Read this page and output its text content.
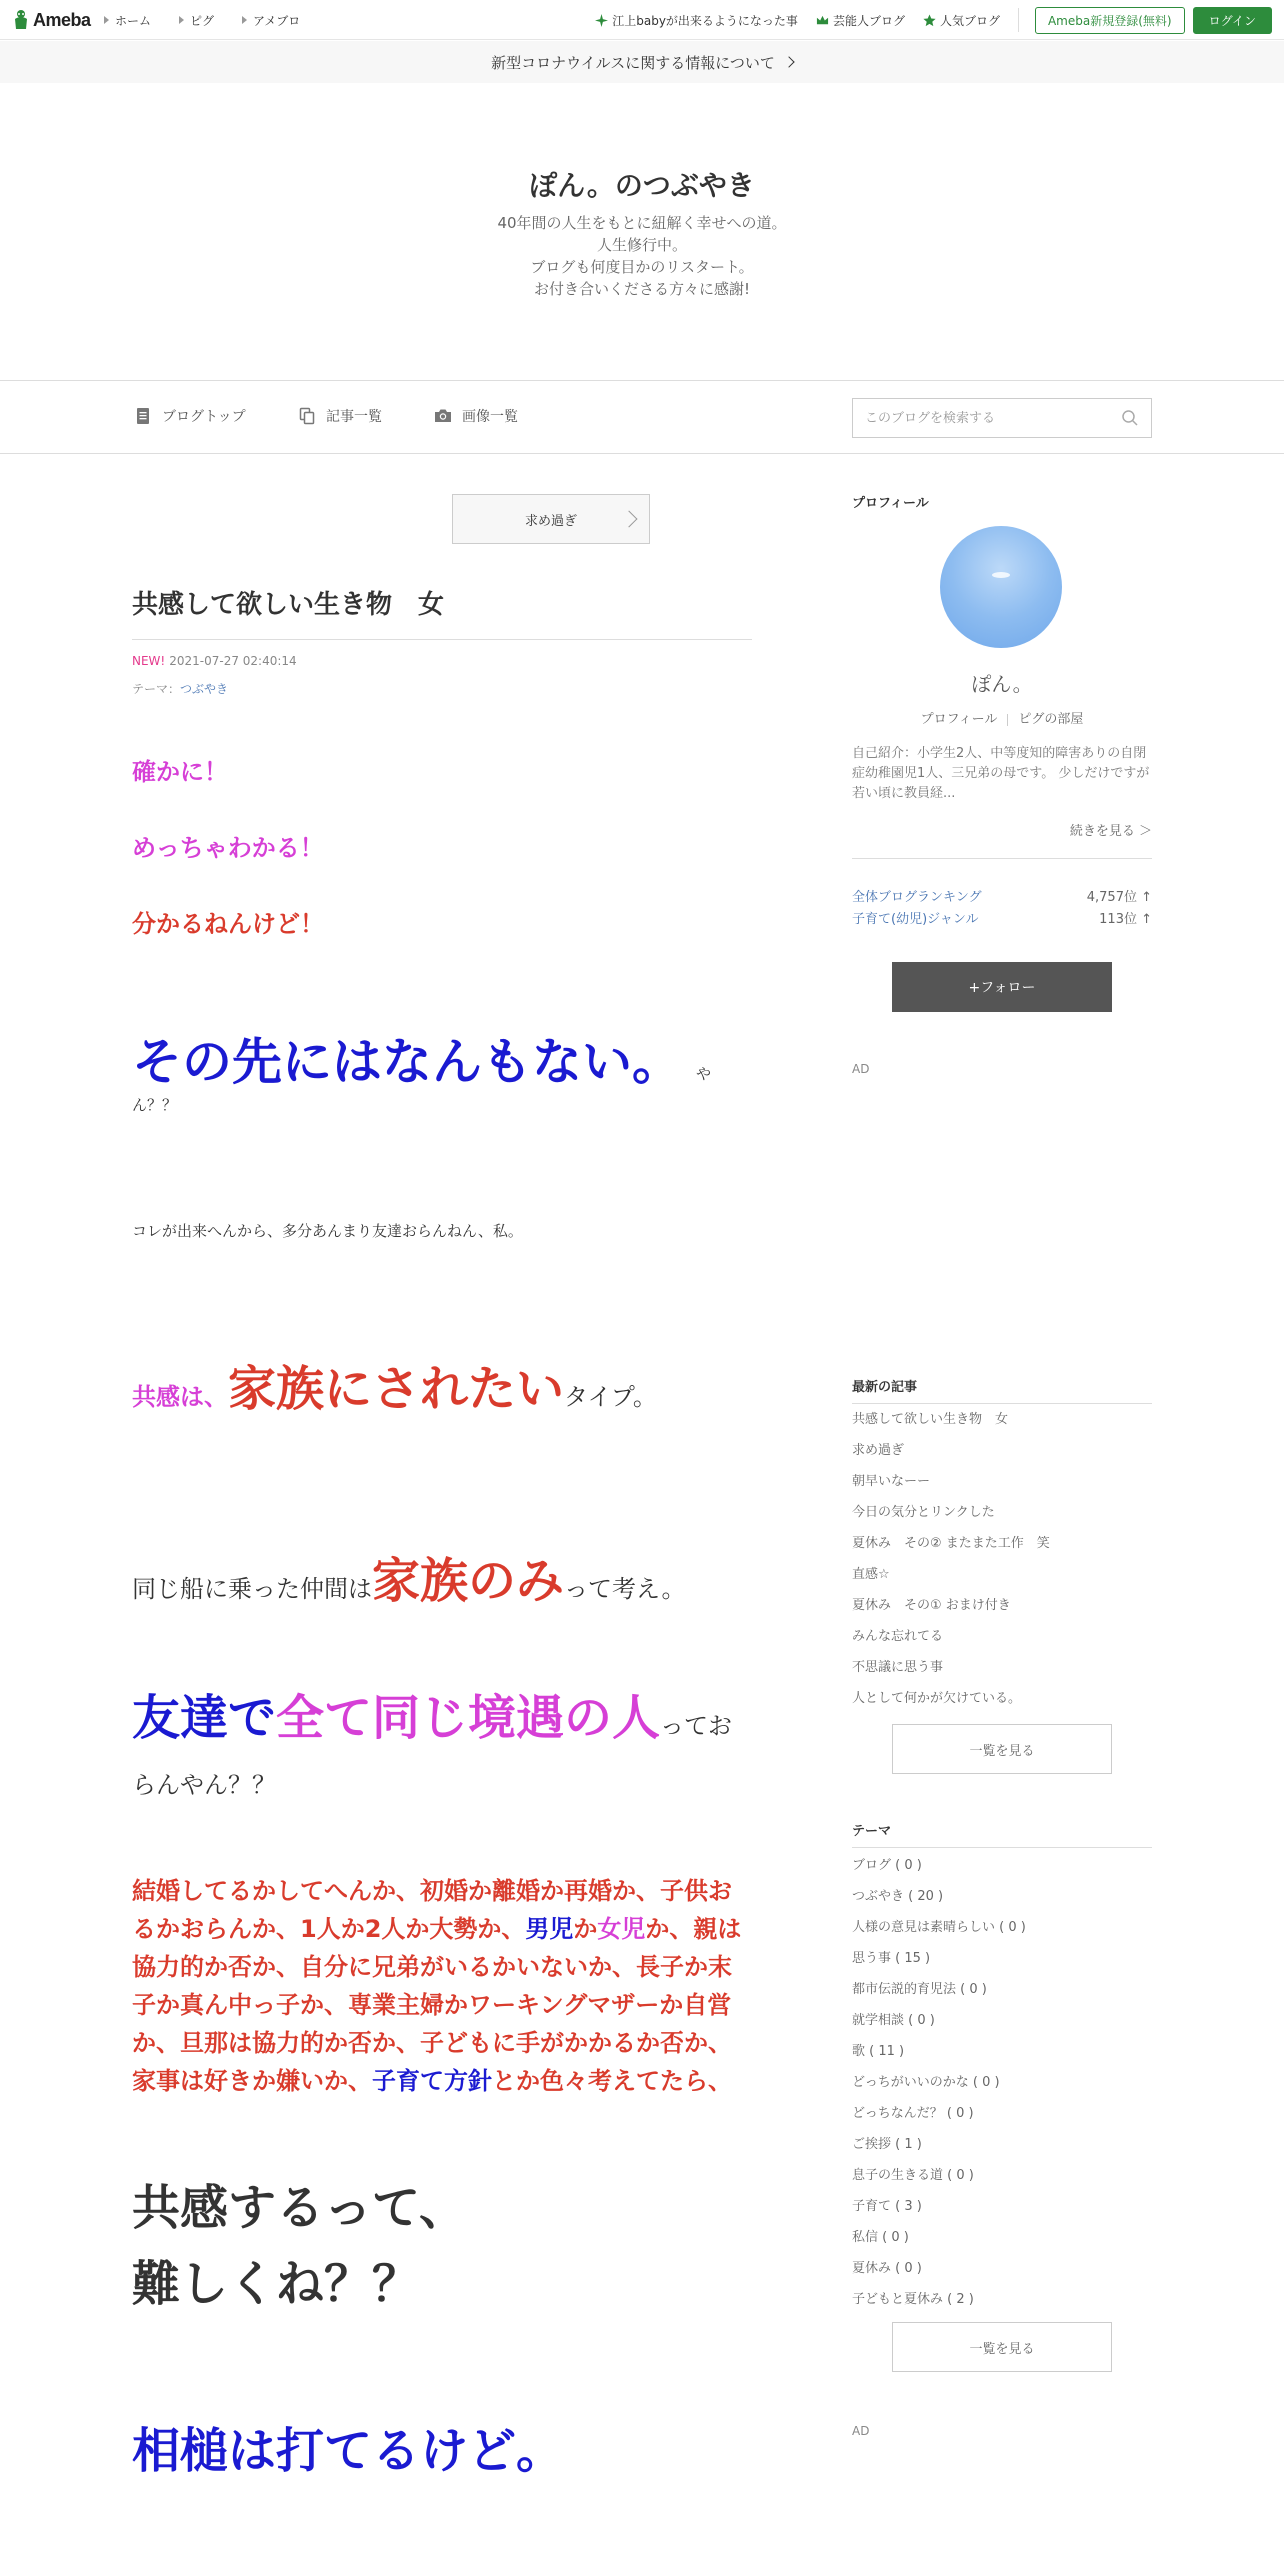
Ameba ホーム	ピグ	アメブロ	江上babyが出来るようになった事	芸能人ブログ	人気ブログ	Ameba新規登録(無料)	ログイン
新型コロナウイルスに関する情報について
ぽん。のつぶやき
40年間の人生をもとに紐解く幸せへの道。
人生修行中。
ブログも何度目かのリスタート。
お付き合いくださる方々に感謝!
ブログトップ	記事一覧	画像一覧
このブログを検索する
求め過ぎ
共感して欲しい生き物　女
NEW! 2021-07-27 02:40:14
テーマ：つぶやき
確かに！
めっちゃわかる！
分かるねんけど！
その先にはなんもない。 やん？？
コレが出来へんから、多分あんまり友達おらんねん、私。
共感は、家族にされたいタイプ。
同じ船に乗った仲間は家族のみって考え。
友達で全て同じ境遇の人ってお
らんやん？？
結婚してるかしてへんか、初婚か離婚か再婚か、子供おるかおらんか、1人か2人か大勢か、男児か女児か、親は協力的か否か、自分に兄弟がいるかいないか、長子か末子か真ん中っ子か、専業主婦かワーキングマザーか自営か、旦那は協力的か否か、子どもに手がかかるか否か、家事は好きか嫌いか、子育て方針とか色々考えてたら、
共感するって、
難しくね？？
相槌は打てるけど。
プロフィール
ぽん。
プロフィール ピグの部屋
自己紹介：小学生2人、中等度知的障害ありの自閉症幼稚園児1人、三兄弟の母です。 少しだけですが若い頃に教員経...
続きを見る ＞
全体ブログランキング	4,757位 ↑
子育て(幼児)ジャンル	113位 ↑
+フォロー
AD
最新の記事
共感して欲しい生き物　女
求め過ぎ
朝早いなーー
今日の気分とリンクした
夏休み　その② またまた工作　笑
直感☆
夏休み　その① おまけ付き
みんな忘れてる
不思議に思う事
人として何かが欠けている。
一覧を見る
テーマ
ブログ ( 0 )
つぶやき ( 20 )
人様の意見は素晴らしい ( 0 )
思う事 ( 15 )
都市伝説的育児法 ( 0 )
就学相談 ( 0 )
歌 ( 11 )
どっちがいいのかな ( 0 )
どっちなんだ？ ( 0 )
ご挨拶 ( 1 )
息子の生きる道 ( 0 )
子育て ( 3 )
私信 ( 0 )
夏休み ( 0 )
子どもと夏休み ( 2 )
一覧を見る
AD
